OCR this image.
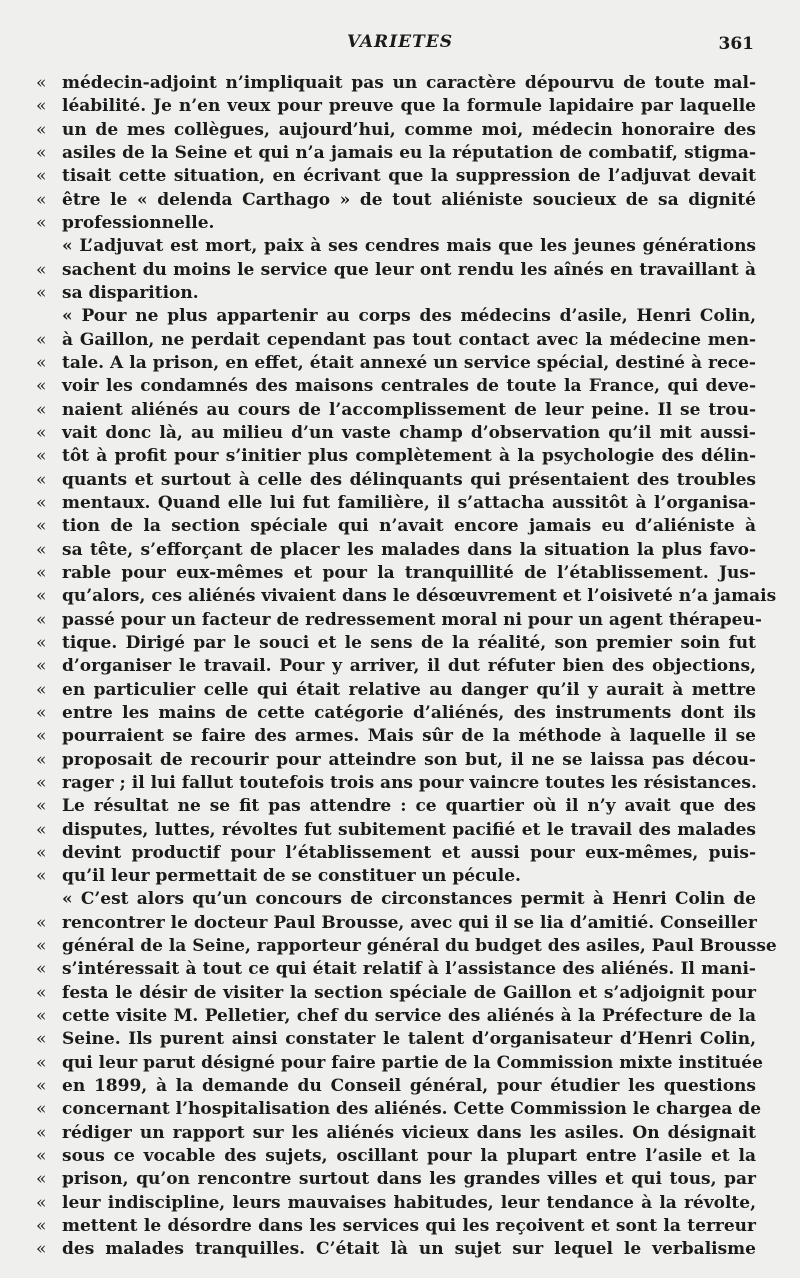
VARIETES	361
« médecin-adjoint n’impliquait pas un caractère dépourvu de toute mal-
« léabilité. Je n’en veux pour preuve que la formule lapidaire par laquelle
« un de mes collègues, aujourd’hui, comme moi, médecin honoraire des
« asiles de la Seine et qui n’a jamais eu la réputation de combatif, stigma-
« tisait cette situation, en écrivant que la suppression de l’adjuvat devait
« être le « delenda Carthago » de tout aliéniste soucieux de sa dignité
« professionnelle.
« L’adjuvat est mort, paix à ses cendres mais que les jeunes générations
« sachent du moins le service que leur ont rendu les aînés en travaillant à
« sa disparition.
« Pour ne plus appartenir au corps des médecins d’asile, Henri Colin,
« à Gaillon, ne perdait cependant pas tout contact avec la médecine men-
« tale. A la prison, en effet, était annexé un service spécial, destiné à rece-
« voir les condamnés des maisons centrales de toute la France, qui deve-
« naient aliénés au cours de l’accomplissement de leur peine. Il se trou-
« vait donc là, au milieu d’un vaste champ d’observation qu’il mit aussi-
« tôt à profit pour s’initier plus complètement à la psychologie des délin-
« quants et surtout à celle des délinquants qui présentaient des troubles
« mentaux. Quand elle lui fut familière, il s’attacha aussitôt à l’organisa-
« tion de la section spéciale qui n’avait encore jamais eu d’aliéniste à
« sa tête, s’efforçant de placer les malades dans la situation la plus favo-
« rable pour eux-mêmes et pour la tranquillité de l’établissement. Jus-
« qu’alors, ces aliénés vivaient dans le désœuvrement et l’oisiveté n’a jamais
« passé pour un facteur de redressement moral ni pour un agent thérapeu-
« tique. Dirigé par le souci et le sens de la réalité, son premier soin fut
« d’organiser le travail. Pour y arriver, il dut réfuter bien des objections,
« en particulier celle qui était relative au danger qu’il y aurait à mettre
« entre les mains de cette catégorie d’aliénés, des instruments dont ils
« pourraient se faire des armes. Mais sûr de la méthode à laquelle il se
« proposait de recourir pour atteindre son but, il ne se laissa pas décou-
« rager ; il lui fallut toutefois trois ans pour vaincre toutes les résistances.
« Le résultat ne se fit pas attendre : ce quartier où il n’y avait que des
« disputes, luttes, révoltes fut subitement pacifié et le travail des malades
« devint productif pour l’établissement et aussi pour eux-mêmes, puis-
« qu’il leur permettait de se constituer un pécule.
« C’est alors qu’un concours de circonstances permit à Henri Colin de
« rencontrer le docteur Paul Brousse, avec qui il se lia d’amitié. Conseiller
« général de la Seine, rapporteur général du budget des asiles, Paul Brousse
« s’intéressait à tout ce qui était relatif à l’assistance des aliénés. Il mani-
« festa le désir de visiter la section spéciale de Gaillon et s’adjoignit pour
« cette visite M. Pelletier, chef du service des aliénés à la Préfecture de la
« Seine. Ils purent ainsi constater le talent d’organisateur d’Henri Colin,
« qui leur parut désigné pour faire partie de la Commission mixte instituée
« en 1899, à la demande du Conseil général, pour étudier les questions
« concernant l’hospitalisation des aliénés. Cette Commission le chargea de
« rédiger un rapport sur les aliénés vicieux dans les asiles. On désignait
« sous ce vocable des sujets, oscillant pour la plupart entre l’asile et la
« prison, qu’on rencontre surtout dans les grandes villes et qui tous, par
« leur indiscipline, leurs mauvaises habitudes, leur tendance à la révolte,
« mettent le désordre dans les services qui les reçoivent et sont la terreur
« des malades tranquilles. C’était là un sujet sur lequel le verbalisme
